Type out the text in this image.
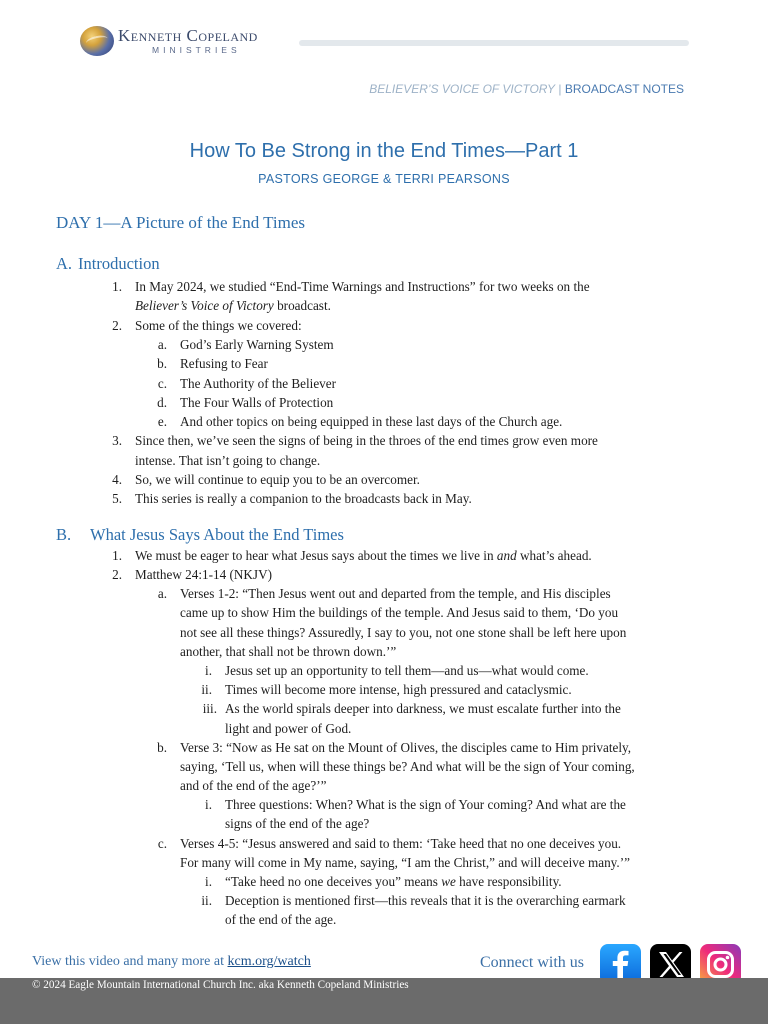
Kenneth Copeland
MINISTRIES
BELIEVER’S VOICE OF VICTORY | BROADCAST NOTES
How To Be Strong in the End Times—Part 1
PASTORS GEORGE & TERRI PEARSONS
DAY 1—A Picture of the End Times
A. Introduction
1. In May 2024, we studied “End-Time Warnings and Instructions” for two weeks on the
Believer’s Voice of Victory broadcast.
2. Some of the things we covered:
a. God’s Early Warning System
b. Refusing to Fear
c. The Authority of the Believer
d. The Four Walls of Protection
e. And other topics on being equipped in these last days of the Church age.
3. Since then, we’ve seen the signs of being in the throes of the end times grow even more
intense. That isn’t going to change.
4. So, we will continue to equip you to be an overcomer.
5. This series is really a companion to the broadcasts back in May.
B. What Jesus Says About the End Times
1. We must be eager to hear what Jesus says about the times we live in and what’s ahead.
2. Matthew 24:1-14 (NKJV)
a. Verses 1-2: “Then Jesus went out and departed from the temple, and His disciples
came up to show Him the buildings of the temple. And Jesus said to them, ‘Do you
not see all these things? Assuredly, I say to you, not one stone shall be left here upon
another, that shall not be thrown down.’”
i. Jesus set up an opportunity to tell them—and us—what would come.
ii. Times will become more intense, high pressured and cataclysmic.
iii. As the world spirals deeper into darkness, we must escalate further into the
light and power of God.
b. Verse 3: “Now as He sat on the Mount of Olives, the disciples came to Him privately,
saying, ‘Tell us, when will these things be? And what will be the sign of Your coming,
and of the end of the age?’”
i. Three questions: When? What is the sign of Your coming? And what are the
signs of the end of the age?
c. Verses 4-5: “Jesus answered and said to them: ‘Take heed that no one deceives you.
For many will come in My name, saying, “I am the Christ,” and will deceive many.’”
i. “Take heed no one deceives you” means we have responsibility.
ii. Deception is mentioned first—this reveals that it is the overarching earmark
of the end of the age.
View this video and many more at kcm.org/watch	Connect with us
© 2024 Eagle Mountain International Church Inc. aka Kenneth Copeland Ministries
